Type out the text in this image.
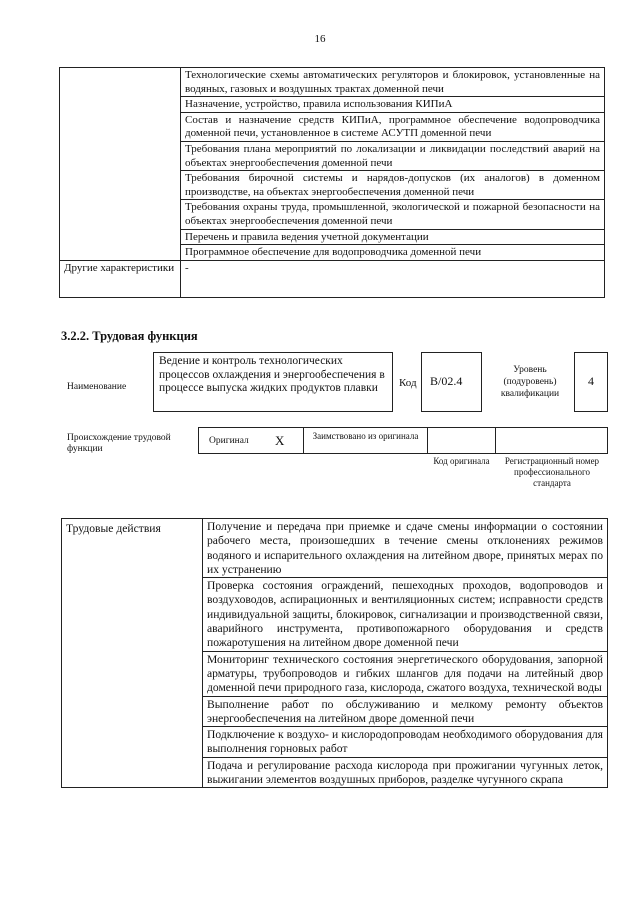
16
	Технологические схемы автоматических регуляторов и блокировок, установленные на водяных, газовых и воздушных трактах доменной печи
	Назначение, устройство, правила использования КИПиА
	Состав и назначение средств КИПиА, программное обеспечение водопроводчика доменной печи, установленное в системе АСУТП доменной печи
	Требования плана мероприятий по локализации и ликвидации последствий аварий на объектах энергообеспечения доменной печи
	Требования бирочной системы и нарядов-допусков (их аналогов) в доменном производстве, на объектах энергообеспечения доменной печи
	Требования охраны труда, промышленной, экологической и пожарной безопасности на объектах энергообеспечения доменной печи
	Перечень и правила ведения учетной документации
	Программное обеспечение для водопроводчика доменной печи
Другие характеристики	-
3.2.2. Трудовая функция
Наименование
Ведение и контроль технологических процессов охлаждения и энергообеспечения в процессе выпуска жидких продуктов плавки	Код	B/02.4
Уровень (подуровень) квалификации
4
Происхождение трудовой функции
Оригинал X	Заимствовано из оригинала
Код оригинала	Регистрационный номер профессионального стандарта
Трудовые действия	Получение и передача при приемке и сдаче смены информации о состоянии рабочего места, произошедших в течение смены отклонениях режимов водяного и испарительного охлаждения на литейном дворе, принятых мерах по их устранению
Проверка состояния ограждений, пешеходных проходов, водопроводов и воздуховодов, аспирационных и вентиляционных систем; исправности средств индивидуальной защиты, блокировок, сигнализации и производственной связи, аварийного инструмента, противопожарного оборудования и средств пожаротушения на литейном дворе доменной печи
Мониторинг технического состояния энергетического оборудования, запорной арматуры, трубопроводов и гибких шлангов для подачи на литейный двор доменной печи природного газа, кислорода, сжатого воздуха, технической воды
Выполнение работ по обслуживанию и мелкому ремонту объектов энергообеспечения на литейном дворе доменной печи
Подключение к воздухо- и кислородопроводам необходимого оборудования для выполнения горновых работ
Подача и регулирование расхода кислорода при прожигании чугунных леток, выжигании элементов воздушных приборов, разделке чугунного скрапа
